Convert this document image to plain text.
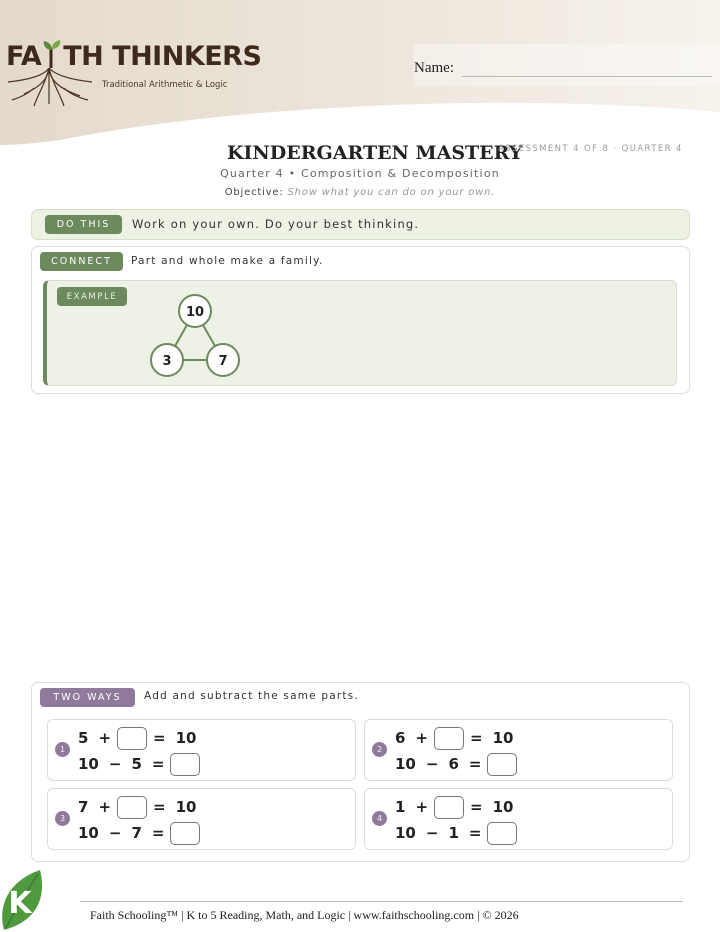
FA TH THINKERS
Traditional Arithmetic & Logic
Name:
KINDERGARTEN MASTERY
ASSESSMENT 4 OF 8 · QUARTER 4
Quarter 4 • Composition & Decomposition
Objective: Show what you can do on your own.
DO THIS	Work on your own. Do your best thinking.
CONNECT	Part and whole make a family.
EXAMPLE
10
3	7
TWO WAYS	Add and subtract the same parts.
1
5 +	= 10
10 − 5 =
2
6 +	= 10
10 − 6 =
3
7 +	= 10
10 − 7 =
4
1 +	= 10
10 − 1 =
K	Faith Schooling™ | K to 5 Reading, Math, and Logic | www.faithschooling.com | © 2026
